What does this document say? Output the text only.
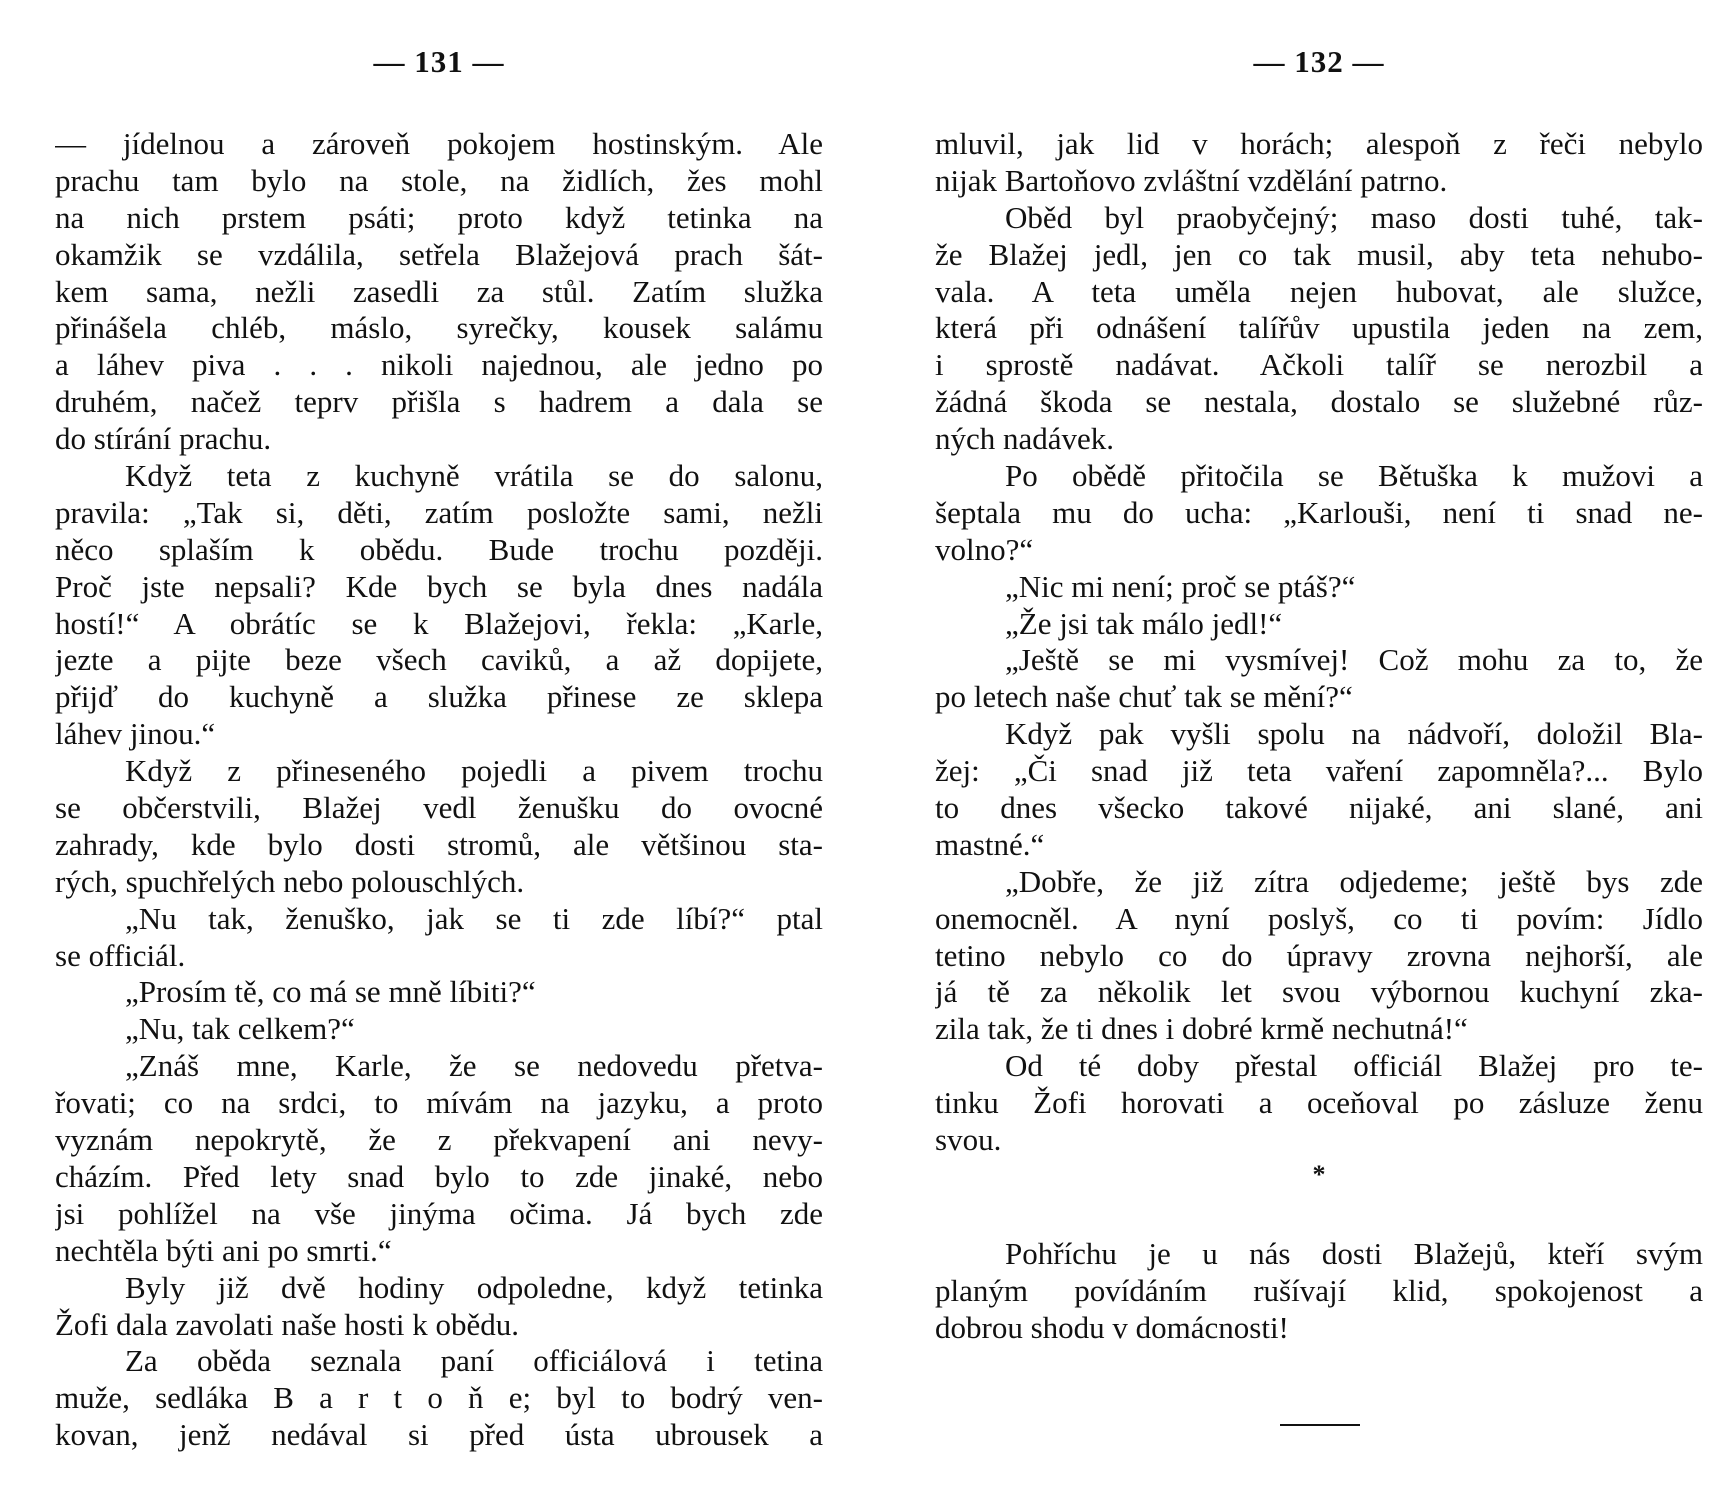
— 131 —
— jídelnou a zároveň pokojem hostinským. Ale
prachu tam bylo na stole, na židlích, žes mohl
na nich prstem psáti; proto když tetinka na
okamžik se vzdálila, setřela Blažejová prach šát-
kem sama, nežli zasedli za stůl. Zatím služka
přinášela chléb, máslo, syrečky, kousek salámu
a láhev piva . . . nikoli najednou, ale jedno po
druhém, načež teprv přišla s hadrem a dala se
do stírání prachu.
Když teta z kuchyně vrátila se do salonu,
pravila: „Tak si, děti, zatím posložte sami, nežli
něco splaším k obědu. Bude trochu později.
Proč jste nepsali? Kde bych se byla dnes nadála
hostí!“ A obrátíc se k Blažejovi, řekla: „Karle,
jezte a pijte beze všech caviků, a až dopijete,
přijď do kuchyně a služka přinese ze sklepa
láhev jinou.“
Když z přineseného pojedli a pivem trochu
se občerstvili, Blažej vedl ženušku do ovocné
zahrady, kde bylo dosti stromů, ale většinou sta-
rých, spuchřelých nebo polouschlých.
„Nu tak, ženuško, jak se ti zde líbí?“ ptal
se officiál.
„Prosím tě, co má se mně líbiti?“
„Nu, tak celkem?“
„Znáš mne, Karle, že se nedovedu přetva-
řovati; co na srdci, to mívám na jazyku, a proto
vyznám nepokrytě, že z překvapení ani nevy-
cházím. Před lety snad bylo to zde jinaké, nebo
jsi pohlížel na vše jinýma očima. Já bych zde
nechtěla býti ani po smrti.“
Byly již dvě hodiny odpoledne, když tetinka
Žofi dala zavolati naše hosti k obědu.
Za oběda seznala paní officiálová i tetina
muže, sedláka B a r t o ň e; byl to bodrý ven-
kovan, jenž nedával si před ústa ubrousek a
— 132 —
mluvil, jak lid v horách; alespoň z řeči nebylo
nijak Bartoňovo zvláštní vzdělání patrno.
Oběd byl praobyčejný; maso dosti tuhé, tak-
že Blažej jedl, jen co tak musil, aby teta nehubo-
vala. A teta uměla nejen hubovat, ale služce,
která při odnášení talířův upustila jeden na zem,
i sprostě nadávat. Ačkoli talíř se nerozbil a
žádná škoda se nestala, dostalo se služebné růz-
ných nadávek.
Po obědě přitočila se Bětuška k mužovi a
šeptala mu do ucha: „Karlouši, není ti snad ne-
volno?“
„Nic mi není; proč se ptáš?“
„Že jsi tak málo jedl!“
„Ještě se mi vysmívej! Což mohu za to, že
po letech naše chuť tak se mění?“
Když pak vyšli spolu na nádvoří, doložil Bla-
žej: „Či snad již teta vaření zapomněla?... Bylo
to dnes všecko takové nijaké, ani slané, ani
mastné.“
„Dobře, že již zítra odjedeme; ještě bys zde
onemocněl. A nyní poslyš, co ti povím: Jídlo
tetino nebylo co do úpravy zrovna nejhorší, ale
já tě za několik let svou výbornou kuchyní zka-
zila tak, že ti dnes i dobré krmě nechutná!“
Od té doby přestal officiál Blažej pro te-
tinku Žofi horovati a oceňoval po zásluze ženu
svou.
*
Pohříchu je u nás dosti Blažejů, kteří svým
planým povídáním rušívají klid, spokojenost a
dobrou shodu v domácnosti!
